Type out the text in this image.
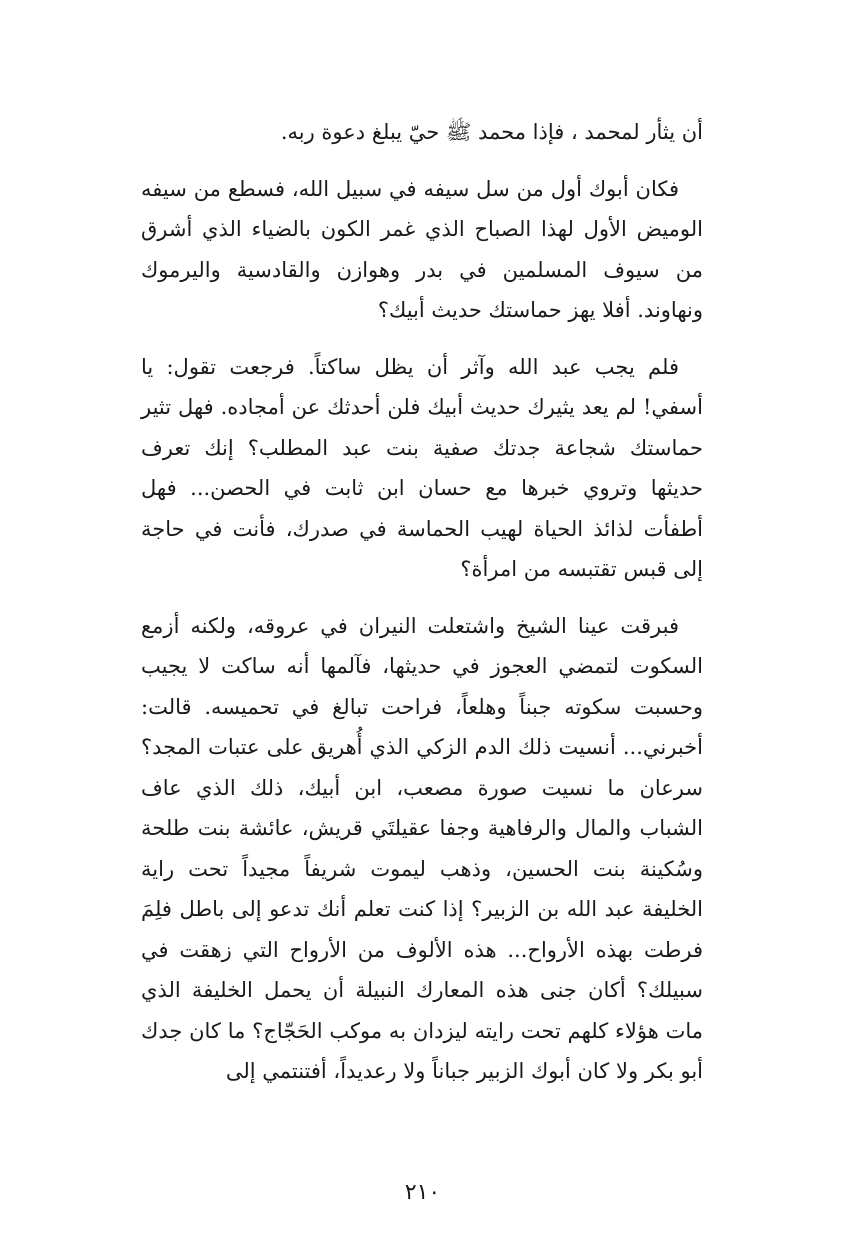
أن يثأر لمحمد ، فإذا محمد ﷺ حيّ يبلغ دعوة ربه.

فكان أبوك أول من سل سيفه في سبيل الله، فسطع من سيفه الوميض الأول لهذا الصباح الذي غمر الكون بالضياء الذي أشرق من سيوف المسلمين في بدر وهوازن والقادسية واليرموك ونهاوند. أفلا يهز حماستك حديث أبيك؟

فلم يجب عبد الله وآثر أن يظل ساكتاً. فرجعت تقول: يا أسفي! لم يعد يثيرك حديث أبيك فلن أحدثك عن أمجاده. فهل تثير حماستك شجاعة جدتك صفية بنت عبد المطلب؟ إنك تعرف حديثها وتروي خبرها مع حسان ابن ثابت في الحصن... فهل أطفأت لذائذ الحياة لهيب الحماسة في صدرك، فأنت في حاجة إلى قبس تقتبسه من امرأة؟

فبرقت عينا الشيخ واشتعلت النيران في عروقه، ولكنه أزمع السكوت لتمضي العجوز في حديثها، فآلمها أنه ساكت لا يجيب وحسبت سكوته جبناً وهلعاً، فراحت تبالغ في تحميسه. قالت: أخبرني... أنسيت ذلك الدم الزكي الذي أُهريق على عتبات المجد؟ سرعان ما نسيت صورة مصعب، ابن أبيك، ذلك الذي عاف الشباب والمال والرفاهية وجفا عقيلتَي قريش، عائشة بنت طلحة وسُكينة بنت الحسين، وذهب ليموت شريفاً مجيداً تحت راية الخليفة عبد الله بن الزبير؟ إذا كنت تعلم أنك تدعو إلى باطل فلِمَ فرطت بهذه الأرواح... هذه الألوف من الأرواح التي زهقت في سبيلك؟ أكان جنى هذه المعارك النبيلة أن يحمل الخليفة الذي مات هؤلاء كلهم تحت رايته ليزدان به موكب الحَجّاج؟ ما كان جدك أبو بكر ولا كان أبوك الزبير جباناً ولا رعديداً، أفتنتمي إلى

٢١٠
